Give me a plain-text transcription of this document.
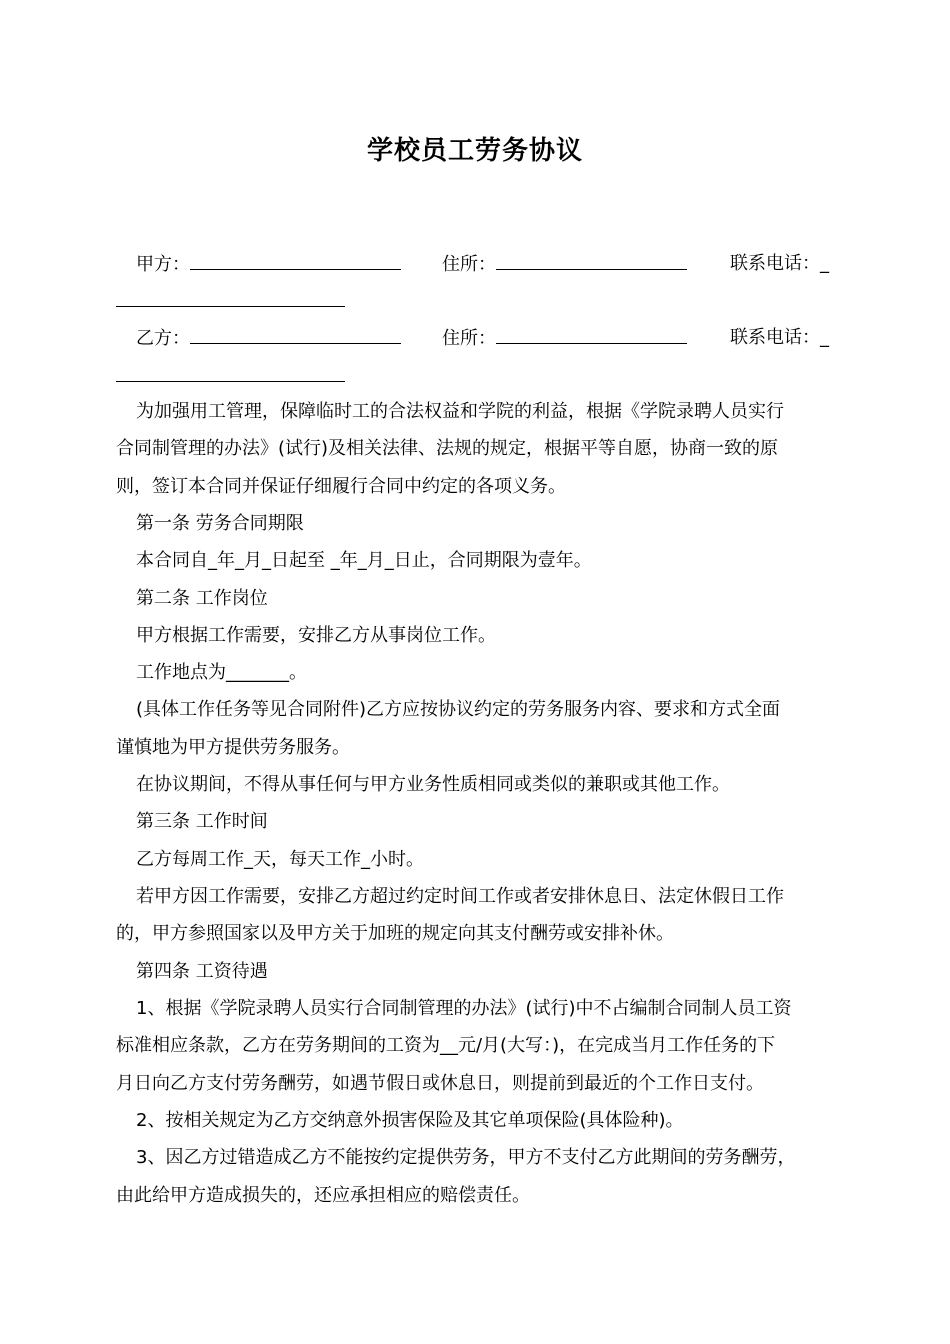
学校员工劳务协议
甲方：	住所：	联系电话：_
乙方：	住所：	联系电话：_
为加强用工管理，保障临时工的合法权益和学院的利益，根据《学院录聘人员实行
合同制管理的办法》(试行)及相关法律、法规的规定，根据平等自愿，协商一致的原
则，签订本合同并保证仔细履行合同中约定的各项义务。
第一条 劳务合同期限
本合同自_年_月_日起至 _年_月_日止，合同期限为壹年。
第二条 工作岗位
甲方根据工作需要，安排乙方从事岗位工作。
工作地点为_______。
(具体工作任务等见合同附件)乙方应按协议约定的劳务服务内容、要求和方式全面
谨慎地为甲方提供劳务服务。
在协议期间，不得从事任何与甲方业务性质相同或类似的兼职或其他工作。
第三条 工作时间
乙方每周工作_天，每天工作_小时。
若甲方因工作需要，安排乙方超过约定时间工作或者安排休息日、法定休假日工作
的，甲方参照国家以及甲方关于加班的规定向其支付酬劳或安排补休。
第四条 工资待遇
1、根据《学院录聘人员实行合同制管理的办法》(试行)中不占编制合同制人员工资
标准相应条款，乙方在劳务期间的工资为__元/月(大写：)，在完成当月工作任务的下
月日向乙方支付劳务酬劳，如遇节假日或休息日，则提前到最近的个工作日支付。
2、按相关规定为乙方交纳意外损害保险及其它单项保险(具体险种)。
3、因乙方过错造成乙方不能按约定提供劳务，甲方不支付乙方此期间的劳务酬劳，
由此给甲方造成损失的，还应承担相应的赔偿责任。
